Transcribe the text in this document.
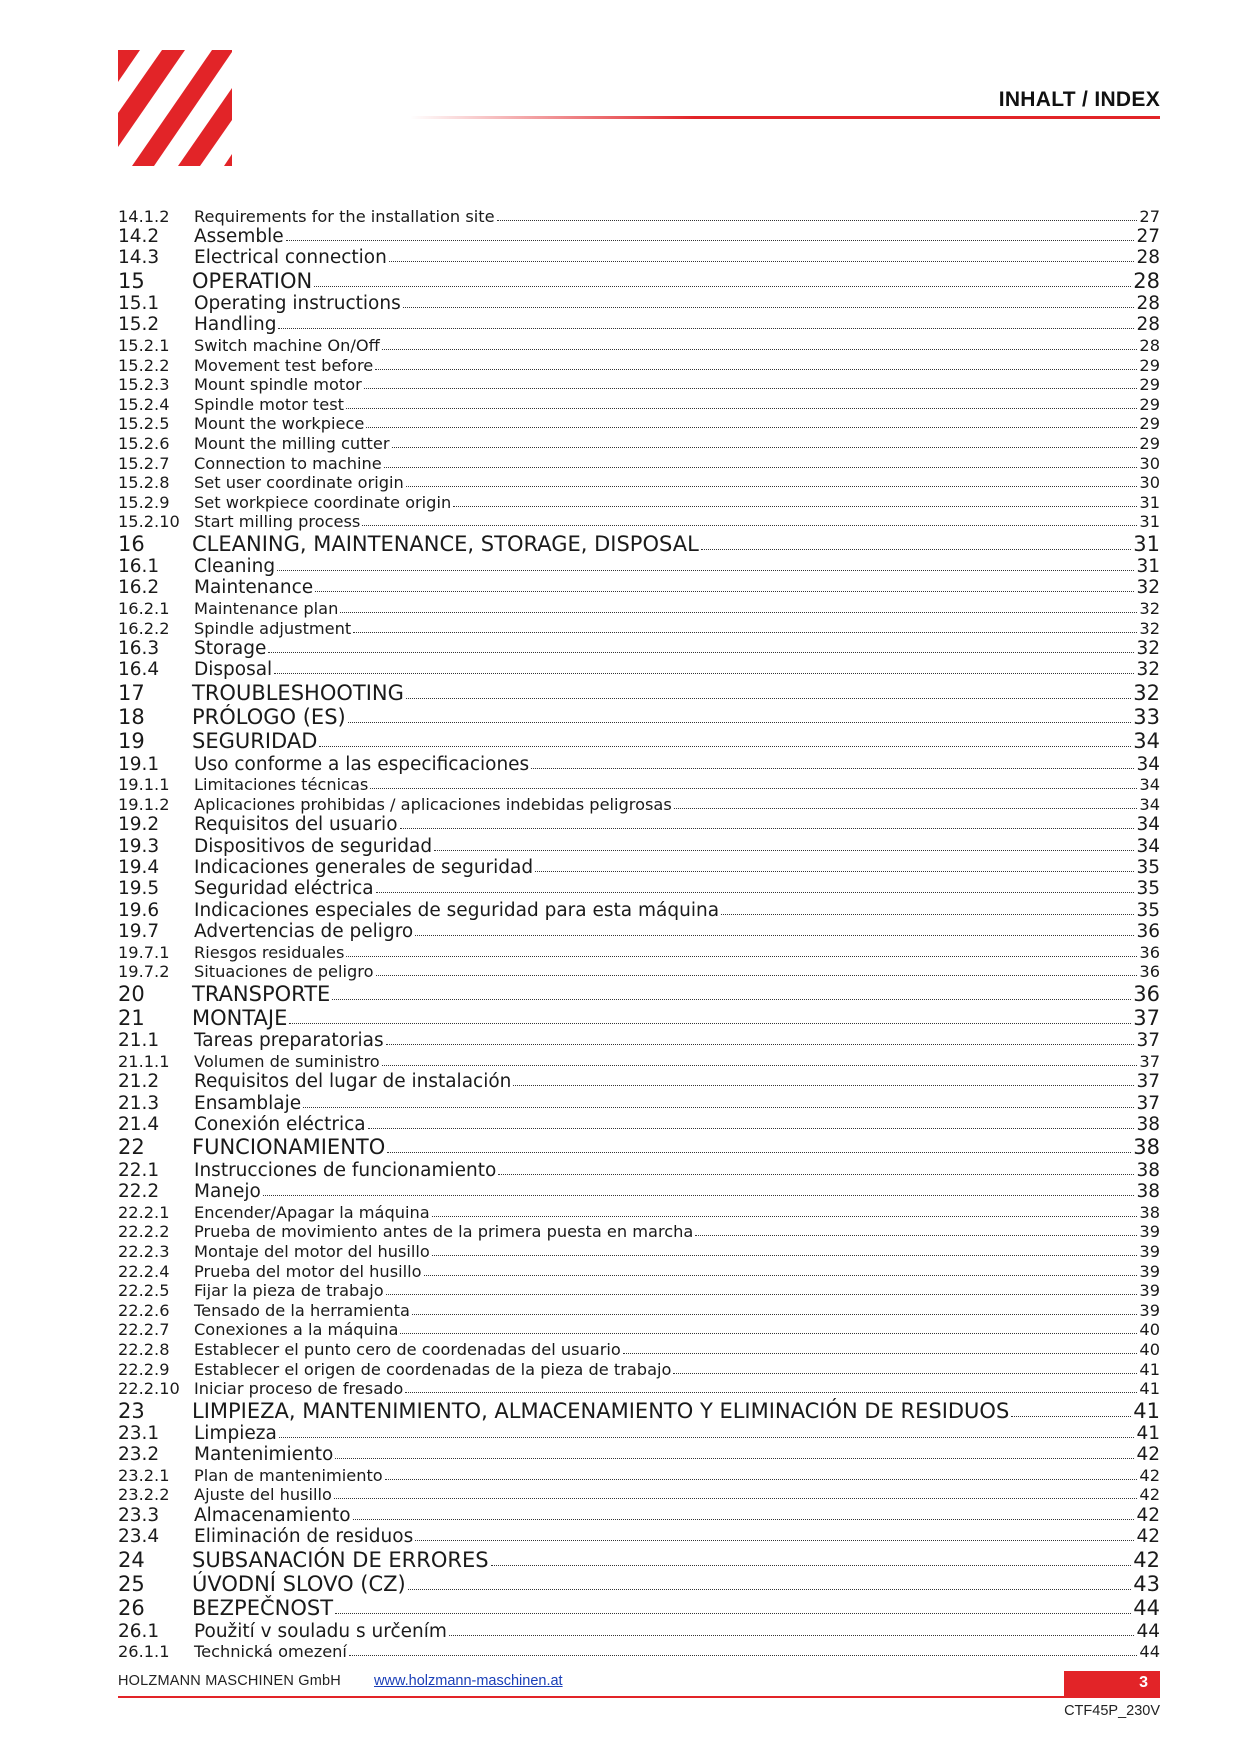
INHALT / INDEX
14.1.2	Requirements for the installation site	27
14.2	Assemble	27
14.3	Electrical connection	28
15	OPERATION	28
15.1	Operating instructions	28
15.2	Handling	28
15.2.1	Switch machine On/Off	28
15.2.2	Movement test before	29
15.2.3	Mount spindle motor	29
15.2.4	Spindle motor test	29
15.2.5	Mount the workpiece	29
15.2.6	Mount the milling cutter	29
15.2.7	Connection to machine	30
15.2.8	Set user coordinate origin	30
15.2.9	Set workpiece coordinate origin	31
15.2.10 Start milling process	31
16	CLEANING, MAINTENANCE, STORAGE, DISPOSAL	31
16.1	Cleaning	31
16.2	Maintenance	32
16.2.1	Maintenance plan	32
16.2.2	Spindle adjustment	32
16.3	Storage	32
16.4	Disposal	32
17	TROUBLESHOOTING	32
18	PRÓLOGO (ES)	33
19	SEGURIDAD	34
19.1	Uso conforme a las especificaciones	34
19.1.1	Limitaciones técnicas	34
19.1.2	Aplicaciones prohibidas / aplicaciones indebidas peligrosas	34
19.2	Requisitos del usuario	34
19.3	Dispositivos de seguridad	34
19.4	Indicaciones generales de seguridad	35
19.5	Seguridad eléctrica	35
19.6	Indicaciones especiales de seguridad para esta máquina	35
19.7	Advertencias de peligro	36
19.7.1	Riesgos residuales	36
19.7.2	Situaciones de peligro	36
20	TRANSPORTE	36
21	MONTAJE	37
21.1	Tareas preparatorias	37
21.1.1	Volumen de suministro	37
21.2	Requisitos del lugar de instalación	37
21.3	Ensamblaje	37
21.4	Conexión eléctrica	38
22	FUNCIONAMIENTO	38
22.1	Instrucciones de funcionamiento	38
22.2	Manejo	38
22.2.1	Encender/Apagar la máquina	38
22.2.2	Prueba de movimiento antes de la primera puesta en marcha	39
22.2.3	Montaje del motor del husillo	39
22.2.4	Prueba del motor del husillo	39
22.2.5	Fijar la pieza de trabajo	39
22.2.6	Tensado de la herramienta	39
22.2.7	Conexiones a la máquina	40
22.2.8	Establecer el punto cero de coordenadas del usuario	40
22.2.9	Establecer el origen de coordenadas de la pieza de trabajo	41
22.2.10 Iniciar proceso de fresado	41
23	LIMPIEZA, MANTENIMIENTO, ALMACENAMIENTO Y ELIMINACIÓN DE RESIDUOS	41
23.1	Limpieza	41
23.2	Mantenimiento	42
23.2.1	Plan de mantenimiento	42
23.2.2	Ajuste del husillo	42
23.3	Almacenamiento	42
23.4	Eliminación de residuos	42
24	SUBSANACIÓN DE ERRORES	42
25	ÚVODNÍ SLOVO (CZ)	43
26	BEZPEČNOST	44
26.1	Použití v souladu s určením	44
26.1.1	Technická omezení	44
HOLZMANN MASCHINEN GmbH www.holzmann-maschinen.at	3
CTF45P_230V
